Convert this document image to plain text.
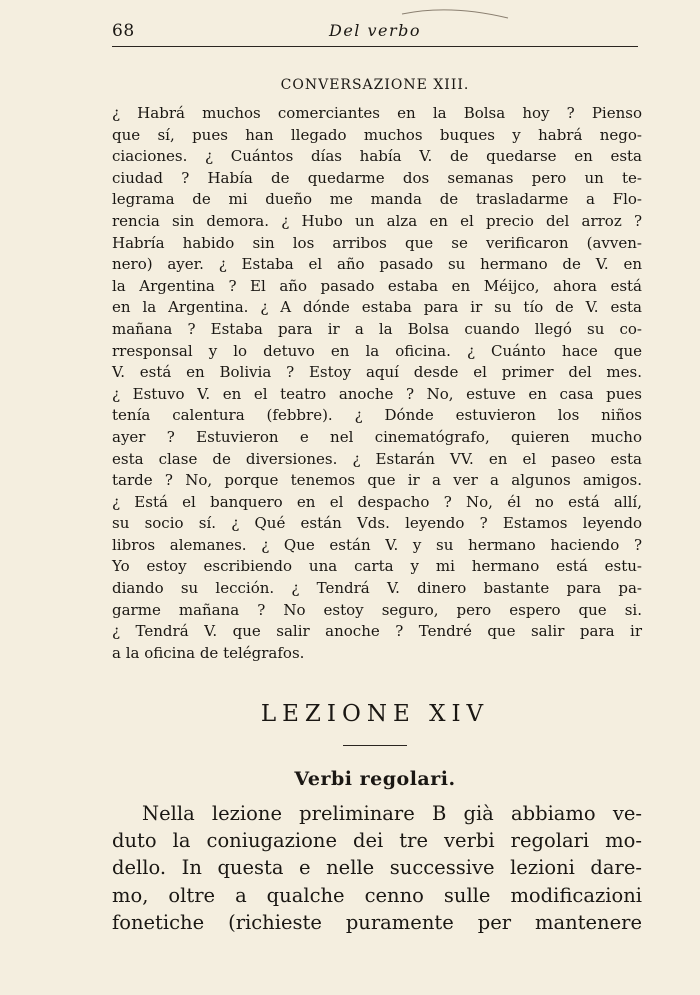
68	Del verbo
CONVERSAZIONE XIII.
¿ Habrá muchos comerciantes en la Bolsa hoy ? Pienso
que sí, pues han llegado muchos buques y habrá nego-
ciaciones. ¿ Cuántos días había V. de quedarse en esta
ciudad ? Había de quedarme dos semanas pero un te-
legrama de mi dueño me manda de trasladarme a Flo-
rencia sin demora. ¿ Hubo un alza en el precio del arroz ?
Habría habido sin los arribos que se verificaron (avven-
nero) ayer. ¿ Estaba el año pasado su hermano de V. en
la Argentina ? El año pasado estaba en Méijco, ahora está
en la Argentina. ¿ A dónde estaba para ir su tío de V. esta
mañana ? Estaba para ir a la Bolsa cuando llegó su co-
rresponsal y lo detuvo en la oficina. ¿ Cuánto hace que
V. está en Bolivia ? Estoy aquí desde el primer del mes.
¿ Estuvo V. en el teatro anoche ? No, estuve en casa pues
tenía calentura (febbre). ¿ Dónde estuvieron los niños
ayer ? Estuvieron e nel cinematógrafo, quieren mucho
esta clase de diversiones. ¿ Estarán VV. en el paseo esta
tarde ? No, porque tenemos que ir a ver a algunos amigos.
¿ Está el banquero en el despacho ? No, él no está allí,
su socio sí. ¿ Qué están Vds. leyendo ? Estamos leyendo
libros alemanes. ¿ Que están V. y su hermano haciendo ?
Yo estoy escribiendo una carta y mi hermano está estu-
diando su lección. ¿ Tendrá V. dinero bastante para pa-
garme mañana ? No estoy seguro, pero espero que si.
¿ Tendrá V. que salir anoche ? Tendré que salir para ir
a la oficina de telégrafos.
LEZIONE XIV
Verbi regolari.
Nella lezione preliminare B già abbiamo ve-
duto la coniugazione dei tre verbi regolari mo-
dello. In questa e nelle successive lezioni dare-
mo, oltre a qualche cenno sulle modificazioni
fonetiche (richieste puramente per mantenere
